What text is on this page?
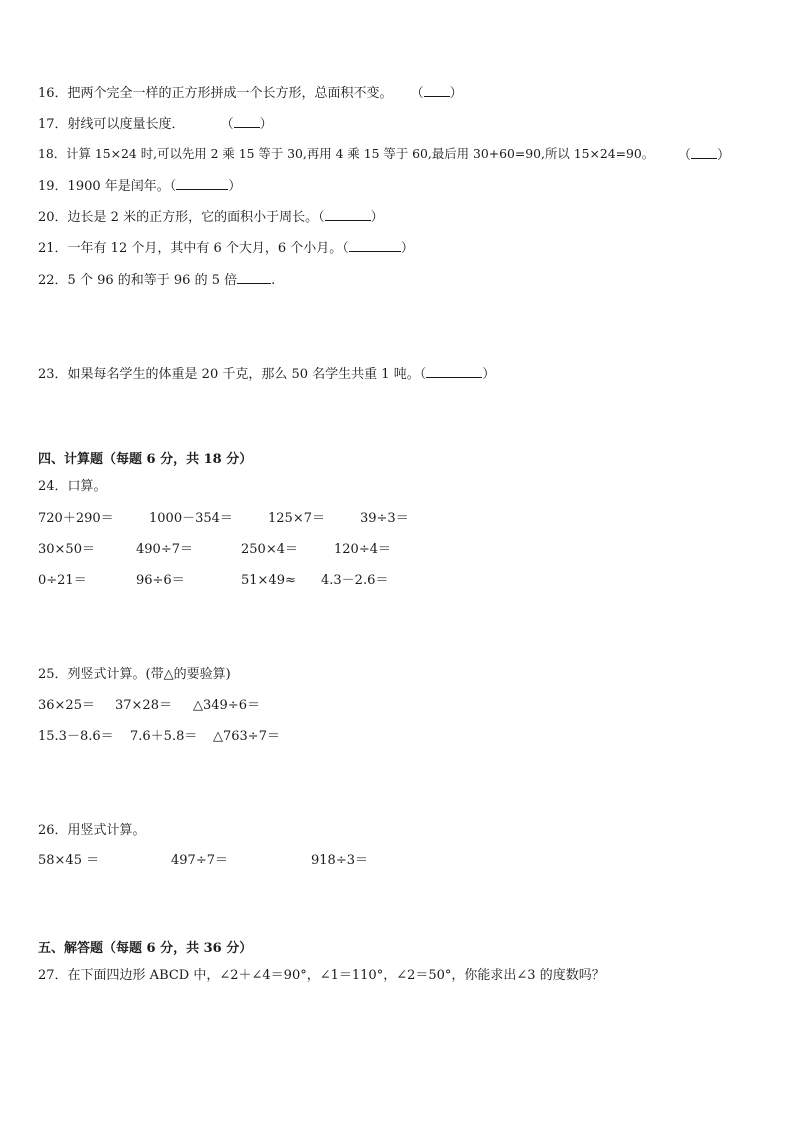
16．把两个完全一样的正方形拼成一个长方形，总面积不变。 （ ）
17．射线可以度量长度．	（ ）
18．计算 15×24 时,可以先用 2 乘 15 等于 30,再用 4 乘 15 等于 60,最后用 30+60=90,所以 15×24=90。 （ ）
19．1900 年是闰年。（	）
20．边长是 2 米的正方形，它的面积小于周长。（	）
21．一年有 12 个月，其中有 6 个大月，6 个小月。（	）
22．5 个 96 的和等于 96 的 5 倍	.
23．如果每名学生的体重是 20 千克，那么 50 名学生共重 1 吨。（	）
四、计算题（每题 6 分，共 18 分）
24．口算。
720＋290＝	1000－354＝	125×7＝	39÷3＝
30×50＝	490÷7＝	250×4＝	120÷4＝
0÷21＝	96÷6＝	51×49≈ 4.3－2.6＝
25．列竖式计算。(带△的要验算)
36×25＝ 37×28＝ △349÷6＝
15.3－8.6＝ 7.6＋5.8＝ △763÷7＝
26．用竖式计算。
58×45 ＝	497÷7＝	918÷3＝
五、解答题（每题 6 分，共 36 分）
27．在下面四边形 ABCD 中，∠2＋∠4＝90°，∠1＝110°，∠2＝50°，你能求出∠3 的度数吗？
